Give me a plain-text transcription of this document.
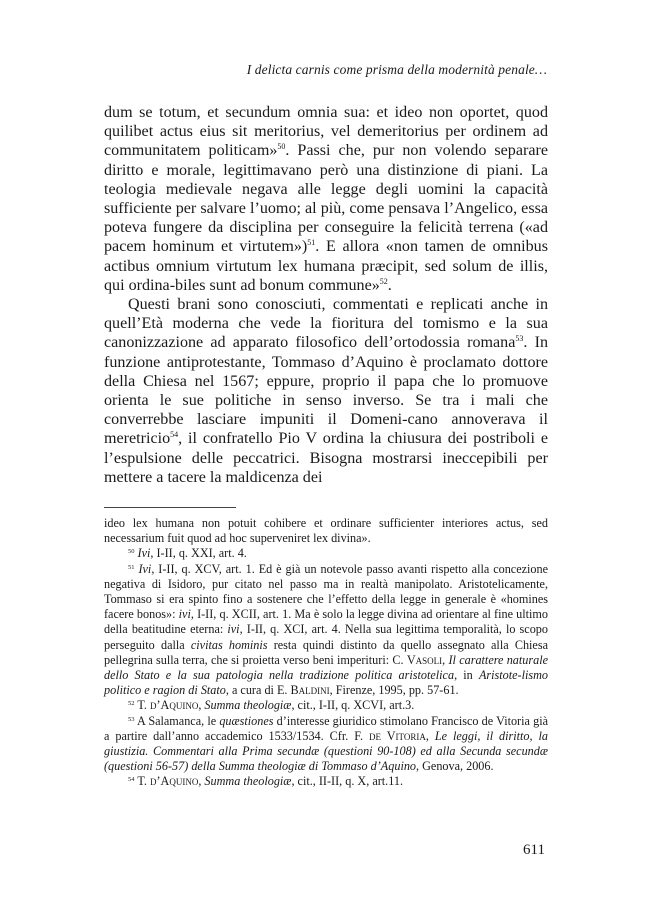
I delicta carnis come prisma della modernità penale…

dum se totum, et secundum omnia sua: et ideo non oportet, quod quilibet actus eius sit meritorius, vel demeritorius per ordinem ad communitatem politicam»$^{50}$. Passi che, pur non volendo separare diritto e morale, legittimavano però una distinzione di piani. La teologia medievale negava alle legge degli uomini la capacità sufficiente per salvare l’uomo; al più, come pensava l’Angelico, essa poteva fungere da disciplina per conseguire la felicità terrena («ad pacem hominum et virtutem»)$^{51}$. E allora «non tamen de omnibus actibus omnium virtutum lex humana præcipit, sed solum de illis, qui ordina-biles sunt ad bonum commune»$^{52}$.

Questi brani sono conosciuti, commentati e replicati anche in quell’Età moderna che vede la fioritura del tomismo e la sua canonizzazione ad apparato filosofico dell’ortodossia romana$^{53}$. In funzione antiprotestante, Tommaso d’Aquino è proclamato dottore della Chiesa nel 1567; eppure, proprio il papa che lo promuove orienta le sue politiche in senso inverso. Se tra i mali che converrebbe lasciare impuniti il Domeni-cano annoverava il meretricio$^{54}$, il confratello Pio V ordina la chiusura dei postriboli e l’espulsione delle peccatrici. Bisogna mostrarsi ineccepibili per mettere a tacere la maldicenza dei

ideo lex humana non potuit cohibere et ordinare sufficienter interiores actus, sed necessarium fuit quod ad hoc superveniret lex divina».

$^{50}$ Ivi, I-II, q. XXI, art. 4.

$^{51}$ Ivi, I-II, q. XCV, art. 1. Ed è già un notevole passo avanti rispetto alla concezione negativa di Isidoro, pur citato nel passo ma in realtà manipolato. Aristotelicamente, Tommaso si era spinto fino a sostenere che l’effetto della legge in generale è «homines facere bonos»: ivi, I-II, q. XCII, art. 1. Ma è solo la legge divina ad orientare al fine ultimo della beatitudine eterna: ivi, I-II, q. XCI, art. 4. Nella sua legittima temporalità, lo scopo perseguito dalla civitas hominis resta quindi distinto da quello assegnato alla Chiesa pellegrina sulla terra, che si proietta verso beni imperituri: C. Vasoli, Il carattere naturale dello Stato e la sua patologia nella tradizione politica aristotelica, in Aristote-lismo politico e ragion di Stato, a cura di E. Baldini, Firenze, 1995, pp. 57-61.

$^{52}$ T. d’Aquino, Summa theologiæ, cit., I-II, q. XCVI, art.3.

$^{53}$ A Salamanca, le quæstiones d’interesse giuridico stimolano Francisco de Vitoria già a partire dall’anno accademico 1533/1534. Cfr. F. de Vitoria, Le leggi, il diritto, la giustizia. Commentari alla Prima secundæ (questioni 90-108) ed alla Secunda secundæ (questioni 56-57) della Summa theologiæ di Tommaso d’Aquino, Genova, 2006.

$^{54}$ T. d’Aquino, Summa theologiæ, cit., II-II, q. X, art.11.

611
